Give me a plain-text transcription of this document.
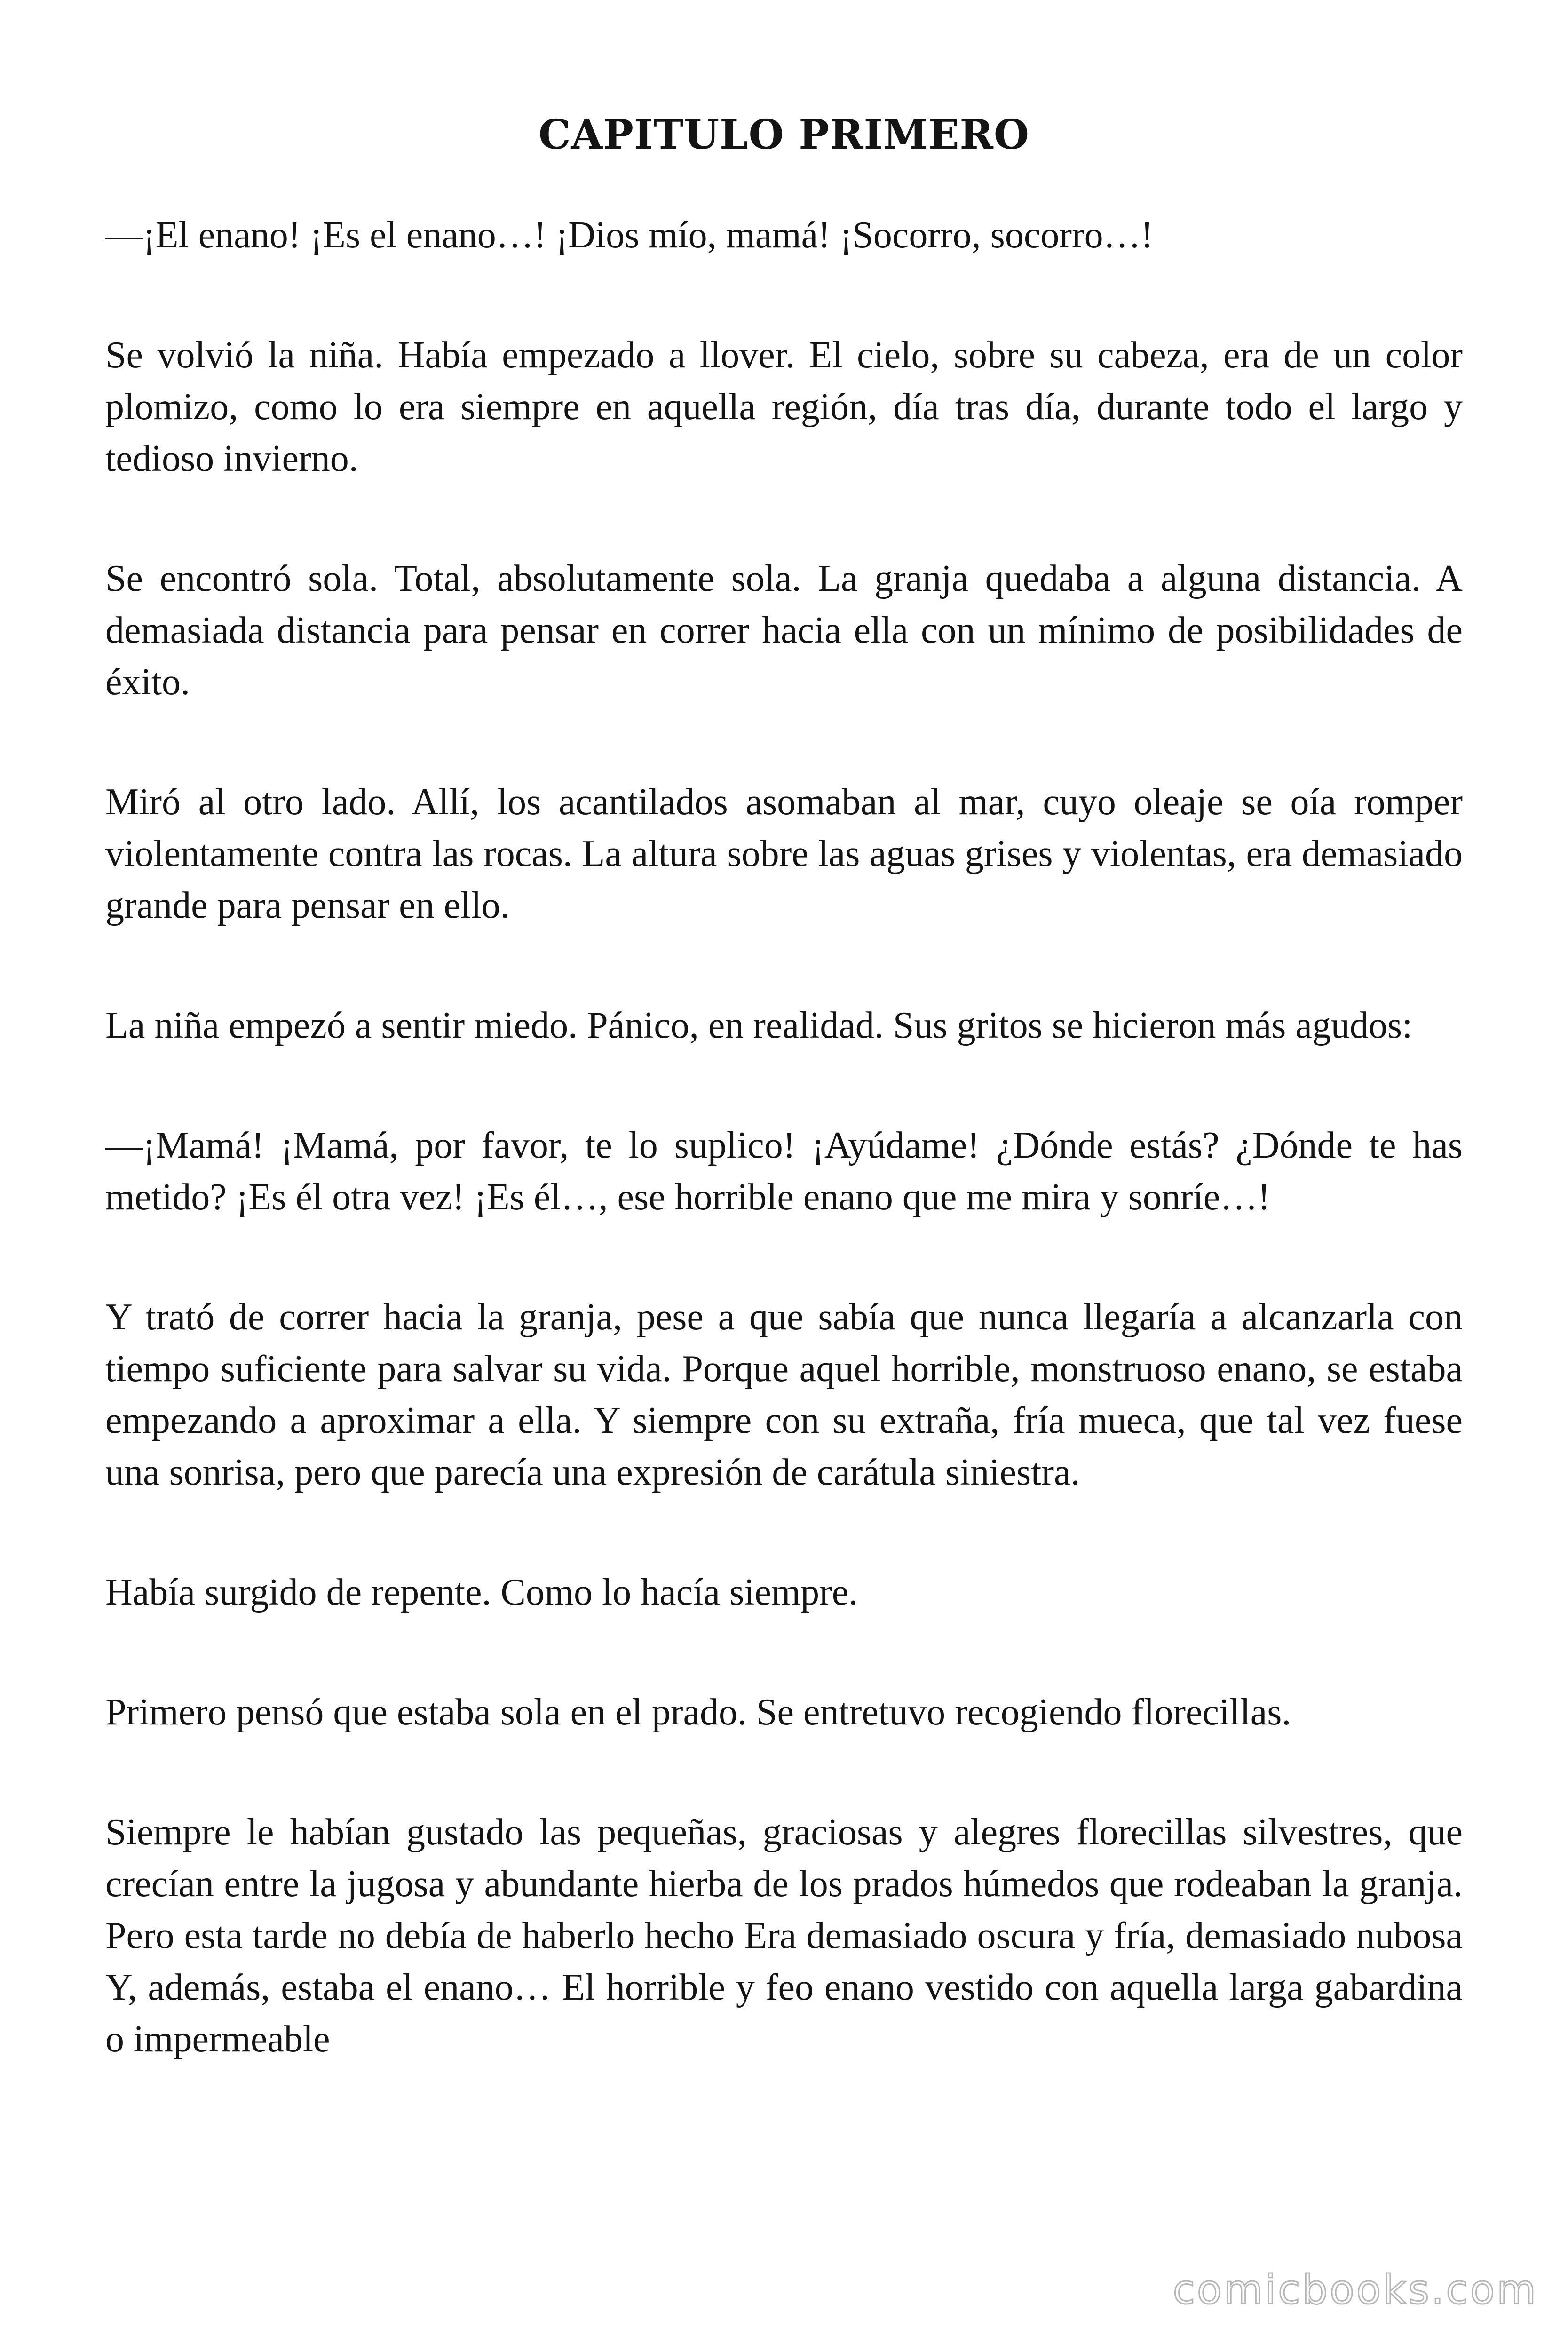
CAPITULO PRIMERO

—¡El enano! ¡Es el enano…! ¡Dios mío, mamá! ¡Socorro, socorro…!

Se volvió la niña. Había empezado a llover. El cielo, sobre su cabeza, era de un color plomizo, como lo era siempre en aquella región, día tras día, durante todo el largo y tedioso invierno.

Se encontró sola. Total, absolutamente sola. La granja quedaba a alguna distancia. A demasiada distancia para pensar en correr hacia ella con un mínimo de posibilidades de éxito.

Miró al otro lado. Allí, los acantilados asomaban al mar, cuyo oleaje se oía romper violentamente contra las rocas. La altura sobre las aguas grises y violentas, era demasiado grande para pensar en ello.

La niña empezó a sentir miedo. Pánico, en realidad. Sus gritos se hicieron más agudos:

—¡Mamá! ¡Mamá, por favor, te lo suplico! ¡Ayúdame! ¿Dónde estás? ¿Dónde te has metido? ¡Es él otra vez! ¡Es él…, ese horrible enano que me mira y sonríe…!

Y trató de correr hacia la granja, pese a que sabía que nunca llegaría a alcanzarla con tiempo suficiente para salvar su vida. Porque aquel horrible, monstruoso enano, se estaba empezando a aproximar a ella. Y siempre con su extraña, fría mueca, que tal vez fuese una sonrisa, pero que parecía una expresión de carátula siniestra.

Había surgido de repente. Como lo hacía siempre.

Primero pensó que estaba sola en el prado. Se entretuvo recogiendo florecillas.

Siempre le habían gustado las pequeñas, graciosas y alegres florecillas silvestres, que crecían entre la jugosa y abundante hierba de los prados húmedos que rodeaban la granja. Pero esta tarde no debía de haberlo hecho Era demasiado oscura y fría, demasiado nubosa Y, además, estaba el enano… El horrible y feo enano vestido con aquella larga gabardina o impermeable

comicbooks.com
